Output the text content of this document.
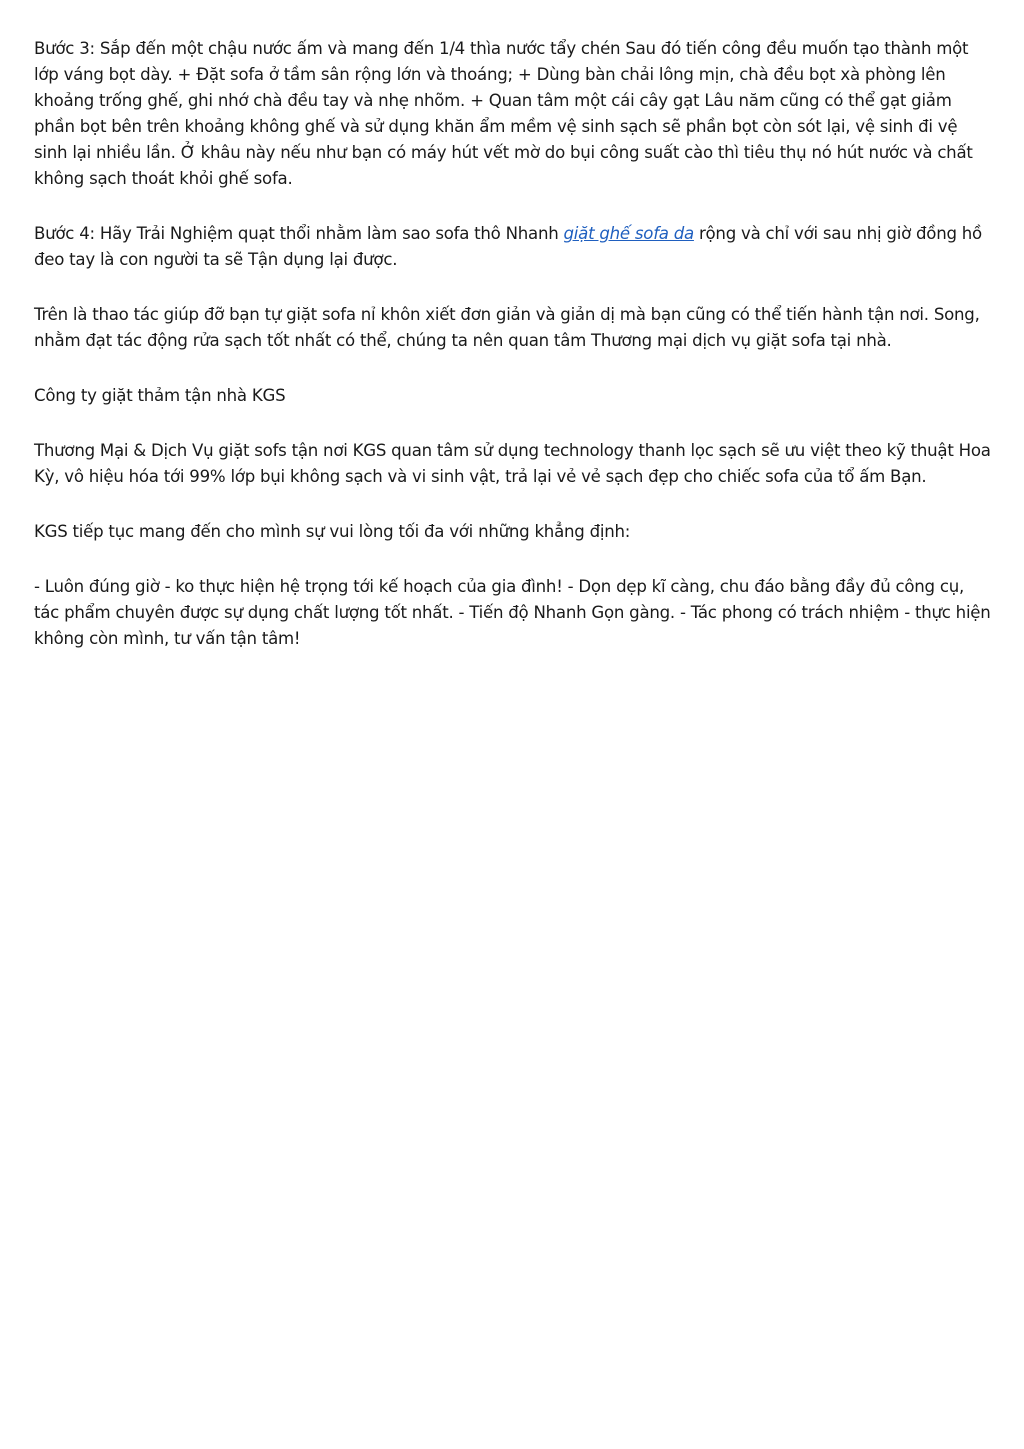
Bước 3: Sắp đến một chậu nước ấm và mang đến 1/4 thìa nước tẩy chén Sau đó tiến công đều muốn tạo thành một lớp váng bọt dày. + Đặt sofa ở tầm sân rộng lớn và thoáng; + Dùng bàn chải lông mịn, chà đều bọt xà phòng lên khoảng trống ghế, ghi nhớ chà đều tay và nhẹ nhõm. + Quan tâm một cái cây gạt Lâu năm cũng có thể gạt giảm phần bọt bên trên khoảng không ghế và sử dụng khăn ẩm mềm vệ sinh sạch sẽ phần bọt còn sót lại, vệ sinh đi vệ sinh lại nhiều lần. Ở khâu này nếu như bạn có máy hút vết mờ do bụi công suất cào thì tiêu thụ nó hút nước và chất không sạch thoát khỏi ghế sofa.

Bước 4: Hãy Trải Nghiệm quạt thổi nhằm làm sao sofa thô Nhanh giặt ghế sofa da rộng và chỉ với sau nhị giờ đồng hồ đeo tay là con người ta sẽ Tận dụng lại được.

Trên là thao tác giúp đỡ bạn tự giặt sofa nỉ khôn xiết đơn giản và giản dị mà bạn cũng có thể tiến hành tận nơi. Song, nhằm đạt tác động rửa sạch tốt nhất có thể, chúng ta nên quan tâm Thương mại dịch vụ giặt sofa tại nhà.

Công ty giặt thảm tận nhà KGS

Thương Mại & Dịch Vụ giặt sofs tận nơi KGS quan tâm sử dụng technology thanh lọc sạch sẽ ưu việt theo kỹ thuật Hoa Kỳ, vô hiệu hóa tới 99% lớp bụi không sạch và vi sinh vật, trả lại vẻ vẻ sạch đẹp cho chiếc sofa của tổ ấm Bạn.

KGS tiếp tục mang đến cho mình sự vui lòng tối đa với những khẳng định:

- Luôn đúng giờ - ko thực hiện hệ trọng tới kế hoạch của gia đình! - Dọn dẹp kĩ càng, chu đáo bằng đầy đủ công cụ, tác phẩm chuyên được sự dụng chất lượng tốt nhất. - Tiến độ Nhanh Gọn gàng. - Tác phong có trách nhiệm - thực hiện không còn mình, tư vấn tận tâm!
